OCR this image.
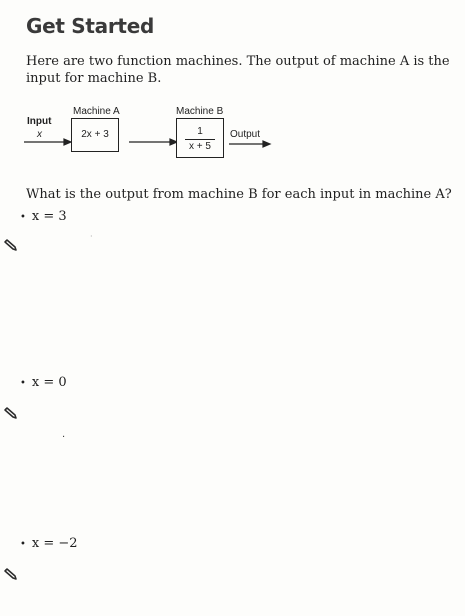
Get Started

Here are two function machines. The output of machine A is the input for machine B.

Input
x
Machine A
2x + 3
Machine B
1
x + 5
Output

What is the output from machine B for each input in machine A?

• x = 3
• x = 0
• x = −2
·
·
